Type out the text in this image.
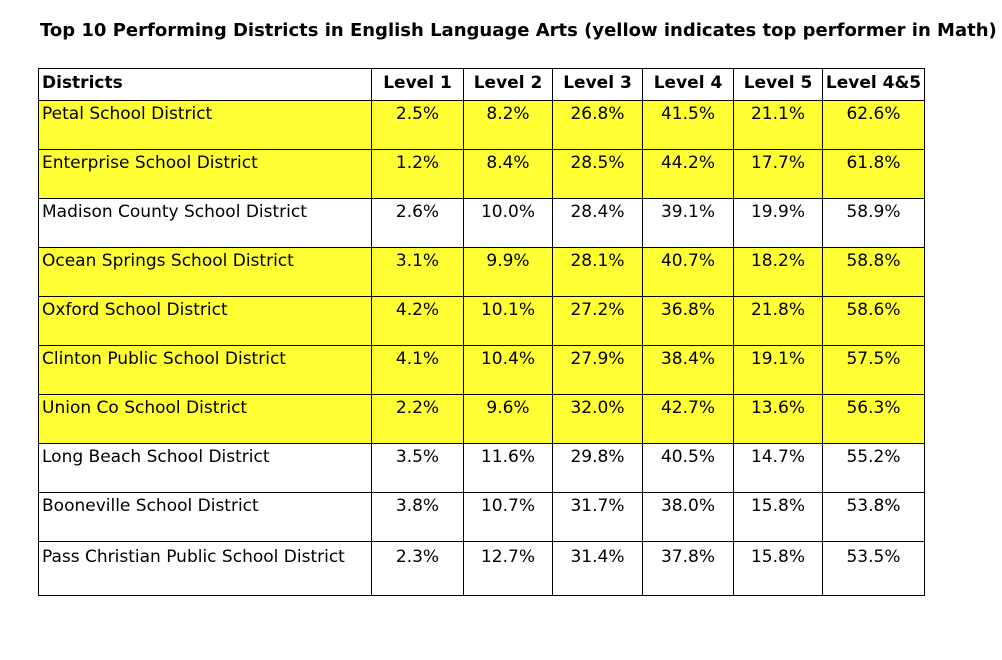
Top 10 Performing Districts in English Language Arts (yellow indicates top performer in Math)
Districts	Level 1	Level 2	Level 3	Level 4	Level 5	Level 4&5
Petal School District	2.5%	8.2%	26.8%	41.5%	21.1%	62.6%
Enterprise School District	1.2%	8.4%	28.5%	44.2%	17.7%	61.8%
Madison County School District	2.6%	10.0%	28.4%	39.1%	19.9%	58.9%
Ocean Springs School District	3.1%	9.9%	28.1%	40.7%	18.2%	58.8%
Oxford School District	4.2%	10.1%	27.2%	36.8%	21.8%	58.6%
Clinton Public School District	4.1%	10.4%	27.9%	38.4%	19.1%	57.5%
Union Co School District	2.2%	9.6%	32.0%	42.7%	13.6%	56.3%
Long Beach School District	3.5%	11.6%	29.8%	40.5%	14.7%	55.2%
Booneville School District	3.8%	10.7%	31.7%	38.0%	15.8%	53.8%
Pass Christian Public School District	2.3%	12.7%	31.4%	37.8%	15.8%	53.5%
